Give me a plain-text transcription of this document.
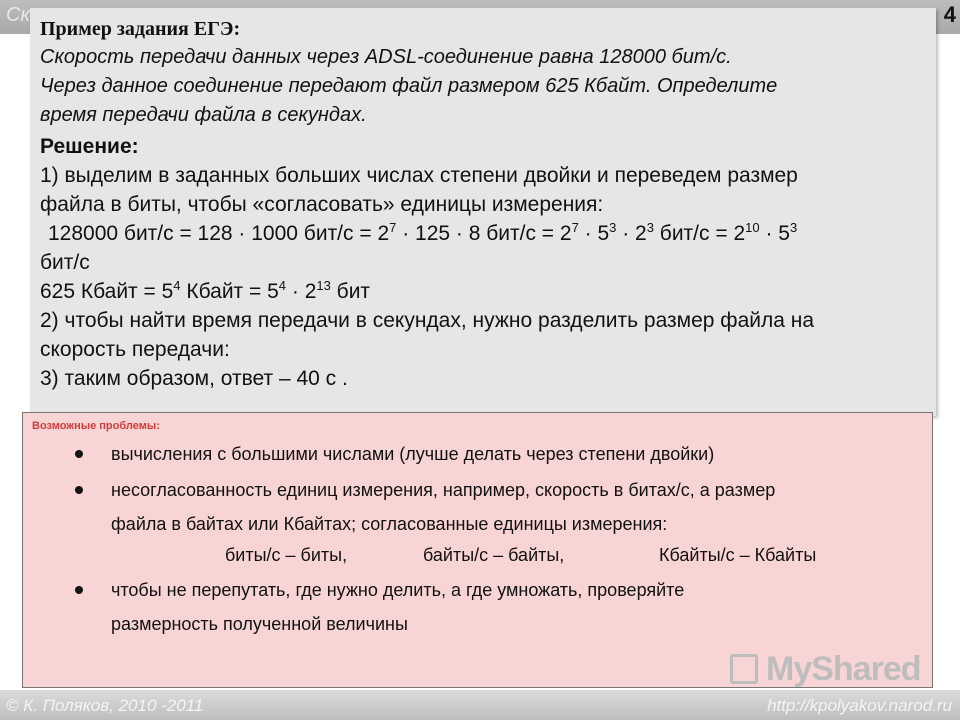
Ск	4

Пример задания ЕГЭ:

Скорость передачи данных через ADSL-соединение равна 128000 бит/с.

Через данное соединение передают файл размером 625 Кбайт. Определите

время передачи файла в секундах.

Решение:

1) выделим в заданных больших числах степени двойки и переведем размер

файла в биты, чтобы «согласовать» единицы измерения:

128000 бит/с = 128 · 1000 $бит/с = 2^7 \cdot 125 \cdot 8$ $бит/с = 2^7 \cdot 5^3 \cdot 2^3$ $бит/с = 2^{10} \cdot 5^3$

бит/с

625 Кбайт = $5^4$ Кбайт = $5^4 \cdot 2^{13}$ бит

2) чтобы найти время передачи в секундах, нужно разделить размер файла на

скорость передачи:

3) таким образом, ответ – 40 с .

Возможные проблемы:
вычисления с большими числами (лучше делать через степени двойки)
несогласованность единиц измерения, например, скорость в битах/с, а размер
файла в байтах или Кбайтах; согласованные единицы измерения:
биты/с – биты,	байты/с – байты,	Кбайты/с – Кбайты
чтобы не перепутать, где нужно делить, а где умножать, проверяйте
размерность полученной величины
MyShared
© К. Поляков, 2010 -2011	http://kpolyakov.narod.ru
